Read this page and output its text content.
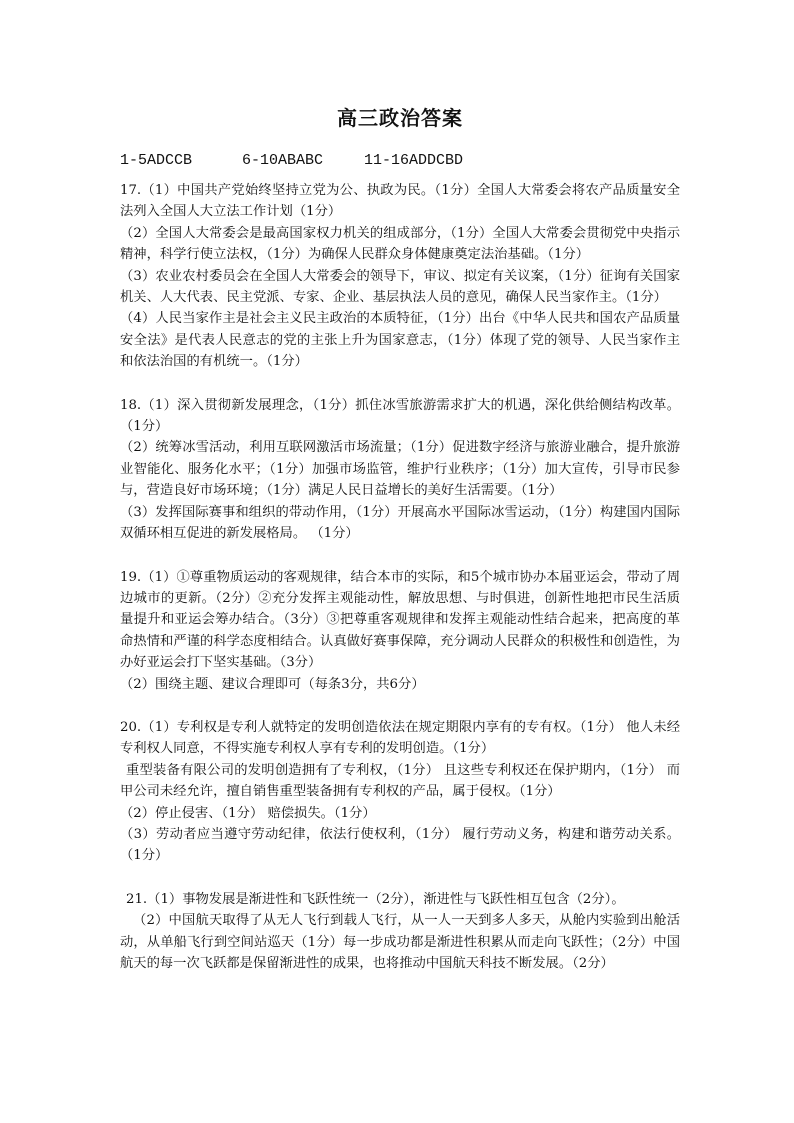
高三政治答案
1-5ADCCB	6-10ABABC	11-16ADDCBD

17.（1）中国共产党始终坚持立党为公、执政为民。（1分）全国人大常委会将农产品质量安全法列入全国人大立法工作计划（1分）

（2）全国人大常委会是最高国家权力机关的组成部分，（1分）全国人大常委会贯彻党中央指示精神，科学行使立法权，（1分）为确保人民群众身体健康奠定法治基础。（1分）

（3）农业农村委员会在全国人大常委会的领导下，审议、拟定有关议案，（1分）征询有关国家机关、人大代表、民主党派、专家、企业、基层执法人员的意见，确保人民当家作主。（1分）

（4）人民当家作主是社会主义民主政治的本质特征，（1分）出台《中华人民共和国农产品质量安全法》是代表人民意志的党的主张上升为国家意志，（1分）体现了党的领导、人民当家作主和依法治国的有机统一。（1分）

18.（1）深入贯彻新发展理念，（1分）抓住冰雪旅游需求扩大的机遇，深化供给侧结构改革。（1分）

（2）统筹冰雪活动，利用互联网激活市场流量；（1分）促进数字经济与旅游业融合，提升旅游业智能化、服务化水平；（1分）加强市场监管，维护行业秩序；（1分）加大宣传，引导市民参与，营造良好市场环境；（1分）满足人民日益增长的美好生活需要。（1分）

（3）发挥国际赛事和组织的带动作用，（1分）开展高水平国际冰雪运动，（1分）构建国内国际双循环相互促进的新发展格局。 （1分）

19.（1）①尊重物质运动的客观规律，结合本市的实际，和5个城市协办本届亚运会，带动了周边城市的更新。（2分）②充分发挥主观能动性，解放思想、与时俱进，创新性地把市民生活质量提升和亚运会筹办结合。（3分）③把尊重客观规律和发挥主观能动性结合起来，把高度的革命热情和严谨的科学态度相结合。认真做好赛事保障，充分调动人民群众的积极性和创造性，为办好亚运会打下坚实基础。（3分）

（2）围绕主题、建议合理即可（每条3分，共6分）

20.（1）专利权是专利人就特定的发明创造依法在规定期限内享有的专有权。（1分） 他人未经专利权人同意，不得实施专利权人享有专利的发明创造。（1分）

重型装备有限公司的发明创造拥有了专利权，（1分） 且这些专利权还在保护期内，（1分） 而甲公司未经允许，擅自销售重型装备拥有专利权的产品，属于侵权。（1分）

（2）停止侵害、（1分） 赔偿损失。（1分）

（3）劳动者应当遵守劳动纪律，依法行使权利，（1分） 履行劳动义务，构建和谐劳动关系。（1分）

21.（1）事物发展是渐进性和飞跃性统一（2分），渐进性与飞跃性相互包含（2分）。

（2）中国航天取得了从无人飞行到载人飞行，从一人一天到多人多天，从舱内实验到出舱活动，从单船飞行到空间站巡天（1分）每一步成功都是渐进性积累从而走向飞跃性；（2分）中国航天的每一次飞跃都是保留渐进性的成果，也将推动中国航天科技不断发展。（2分）
